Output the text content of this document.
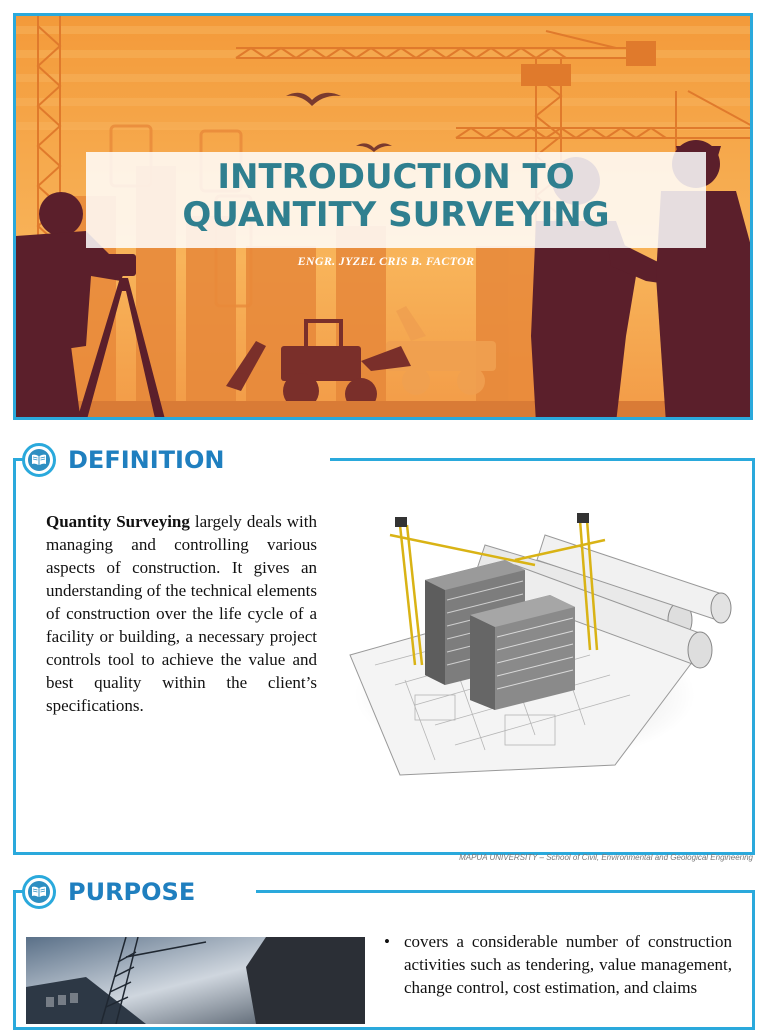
INTRODUCTION TO
QUANTITY SURVEYING
ENGR. JYZEL CRIS B. FACTOR
DEFINITION
Quantity Surveying largely deals with managing and controlling various aspects of construction. It gives an understanding of the technical elements of construction over the life cycle of a facility or building, a necessary project controls tool to achieve the value and best quality within the client’s specifications.
MAPUA UNIVERSITY – School of Civil, Environmental and Geological Engineering
PURPOSE
• covers a considerable number of construction activities such as tendering, value management, change control, cost estimation, and claims
